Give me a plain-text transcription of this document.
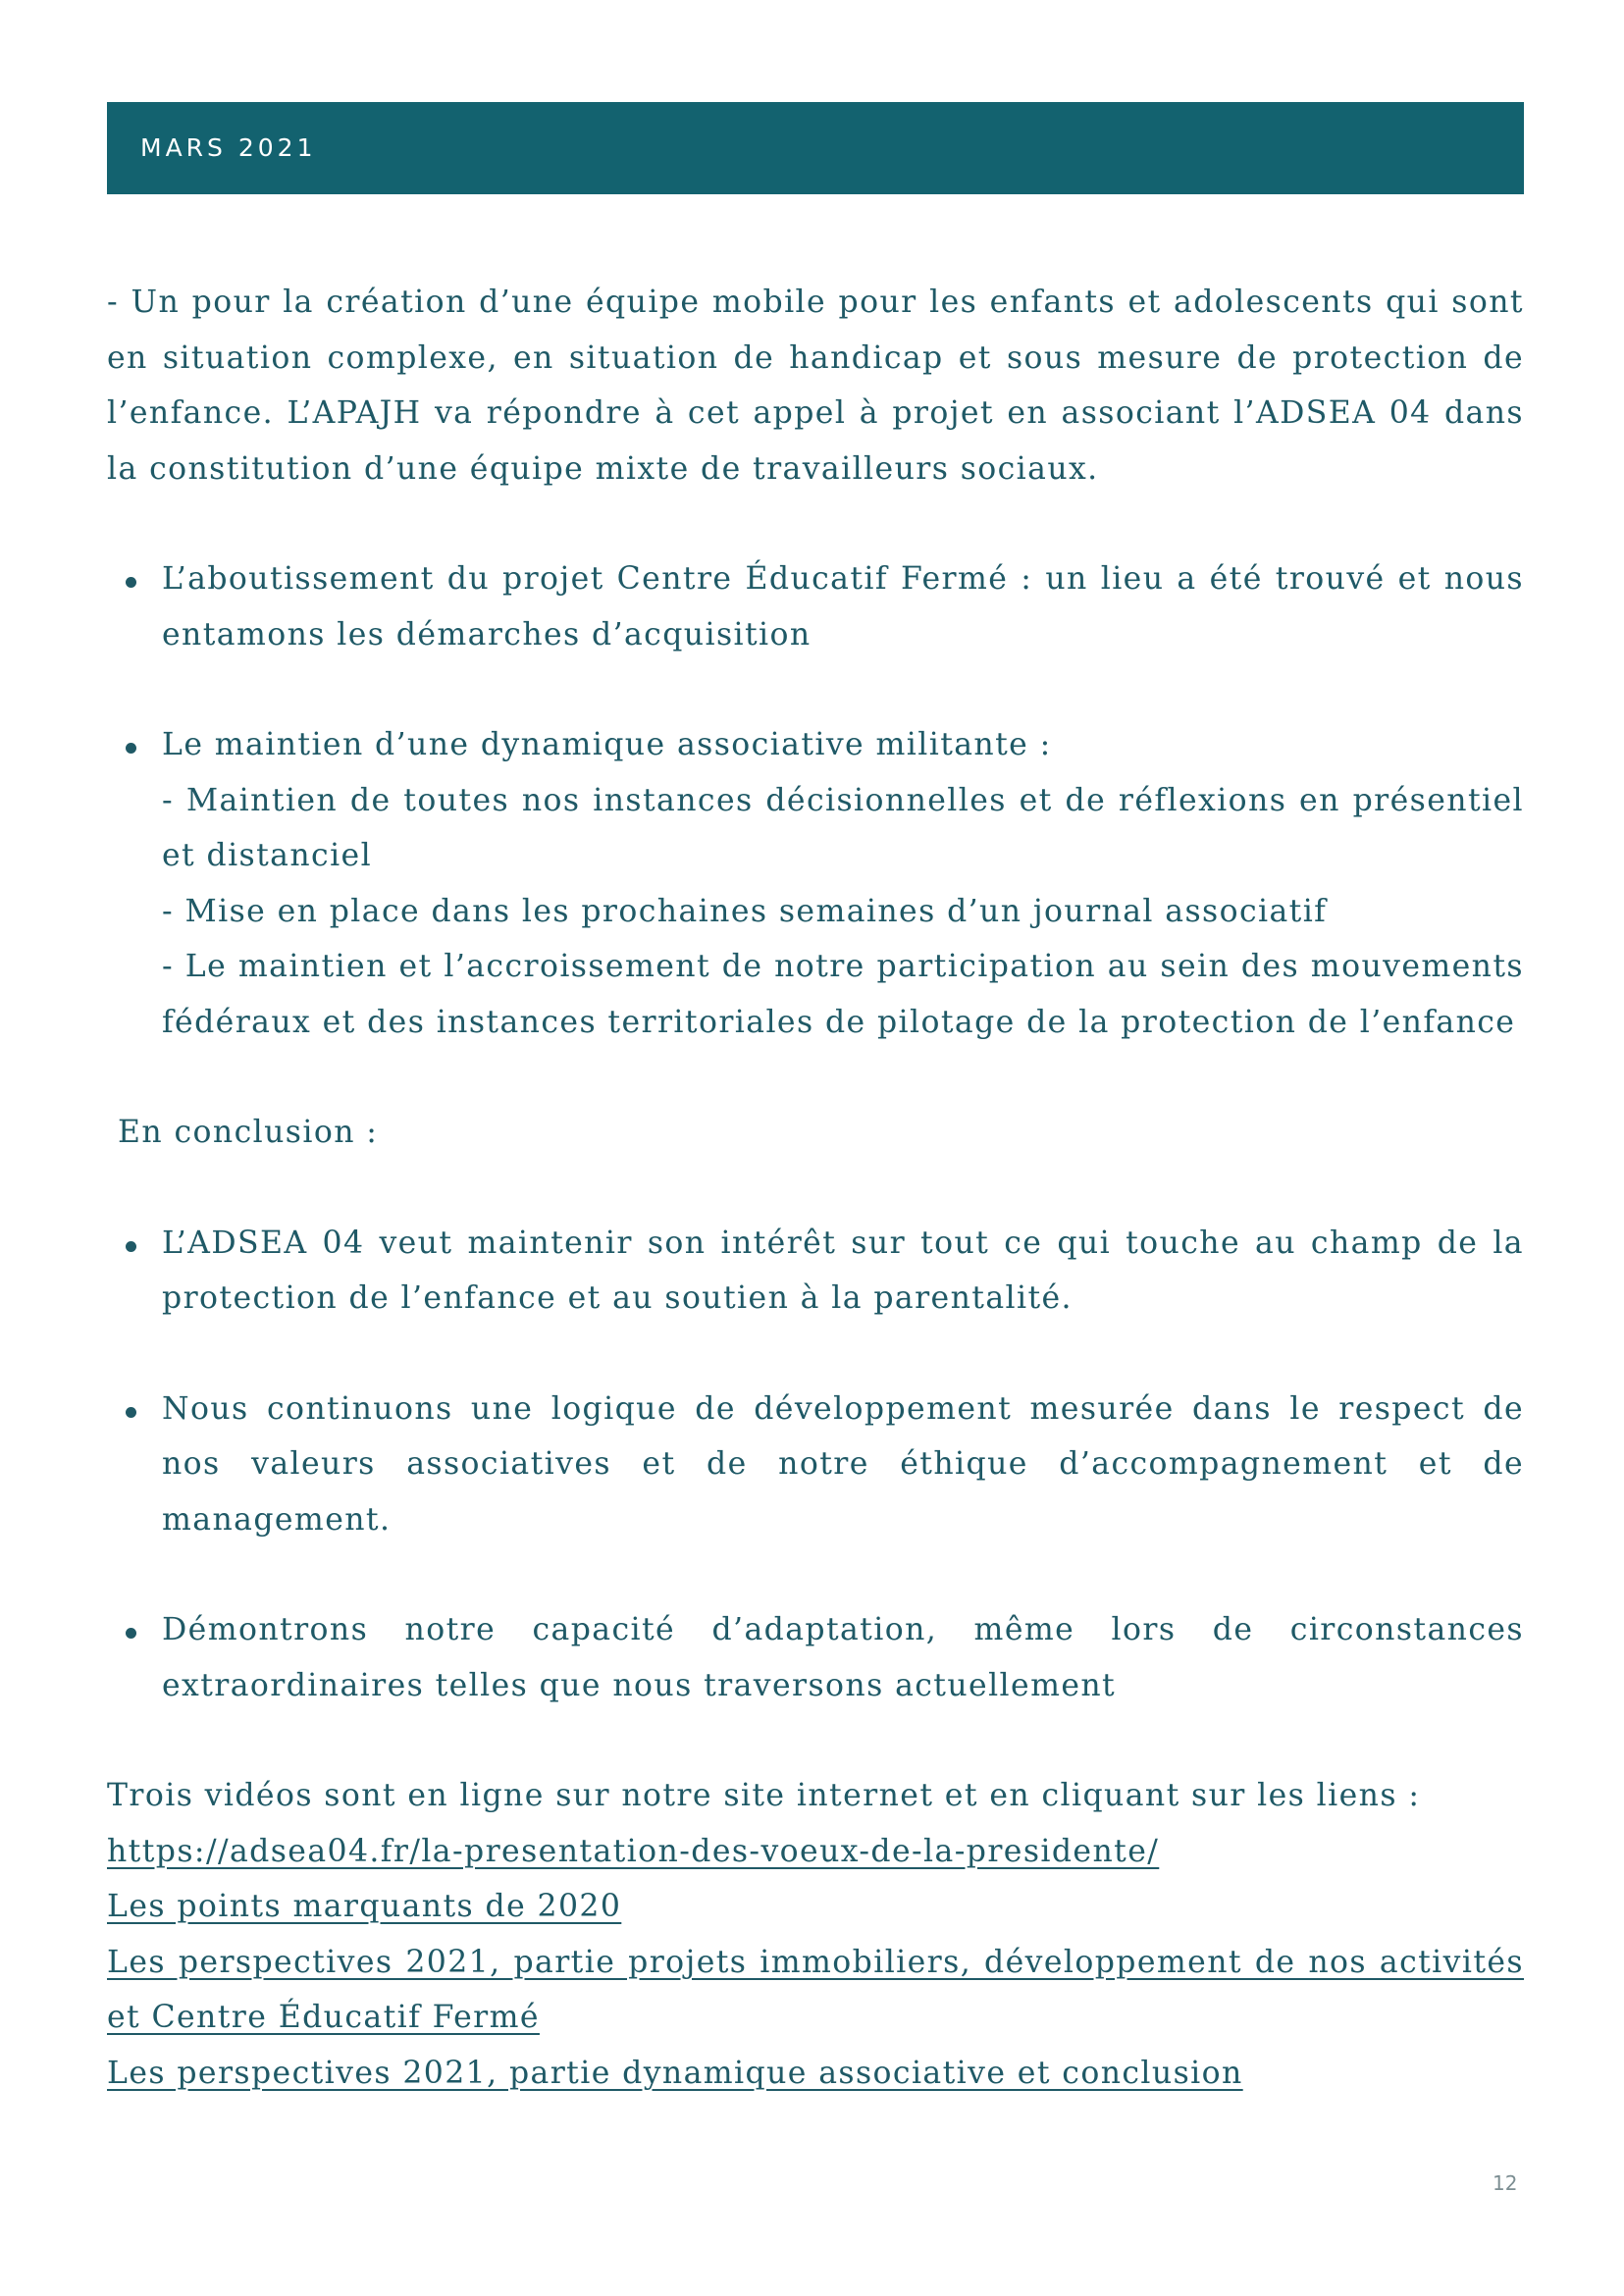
MARS 2021

- Un pour la création d’une équipe mobile pour les enfants et adolescents qui sont en situation complexe, en situation de handicap et sous mesure de protection de l’enfance. L’APAJH va répondre à cet appel à projet en associant l’ADSEA 04 dans la constitution d’une équipe mixte de travailleurs sociaux.

L’aboutissement du projet Centre Éducatif Fermé : un lieu a été trouvé et nous entamons les démarches d’acquisition
Le maintien d’une dynamique associative militante :
- Maintien de toutes nos instances décisionnelles et de réflexions en présentiel et distanciel
- Mise en place dans les prochaines semaines d’un journal associatif
- Le maintien et l’accroissement de notre participation au sein des mouvements fédéraux et des instances territoriales de pilotage de la protection de l’enfance
En conclusion :
L’ADSEA 04 veut maintenir son intérêt sur tout ce qui touche au champ de la protection de l’enfance et au soutien à la parentalité.
Nous continuons une logique de développement mesurée dans le respect de nos valeurs associatives et de notre éthique d’accompagnement et de management.
Démontrons notre capacité d’adaptation, même lors de circonstances extraordinaires telles que nous traversons actuellement

Trois vidéos sont en ligne sur notre site internet et en cliquant sur les liens :

https://adsea04.fr/la-presentation-des-voeux-de-la-presidente/
Les points marquants de 2020
Les perspectives 2021, partie projets immobiliers, développement de nos activités et Centre Éducatif Fermé
Les perspectives 2021, partie dynamique associative et conclusion
12
